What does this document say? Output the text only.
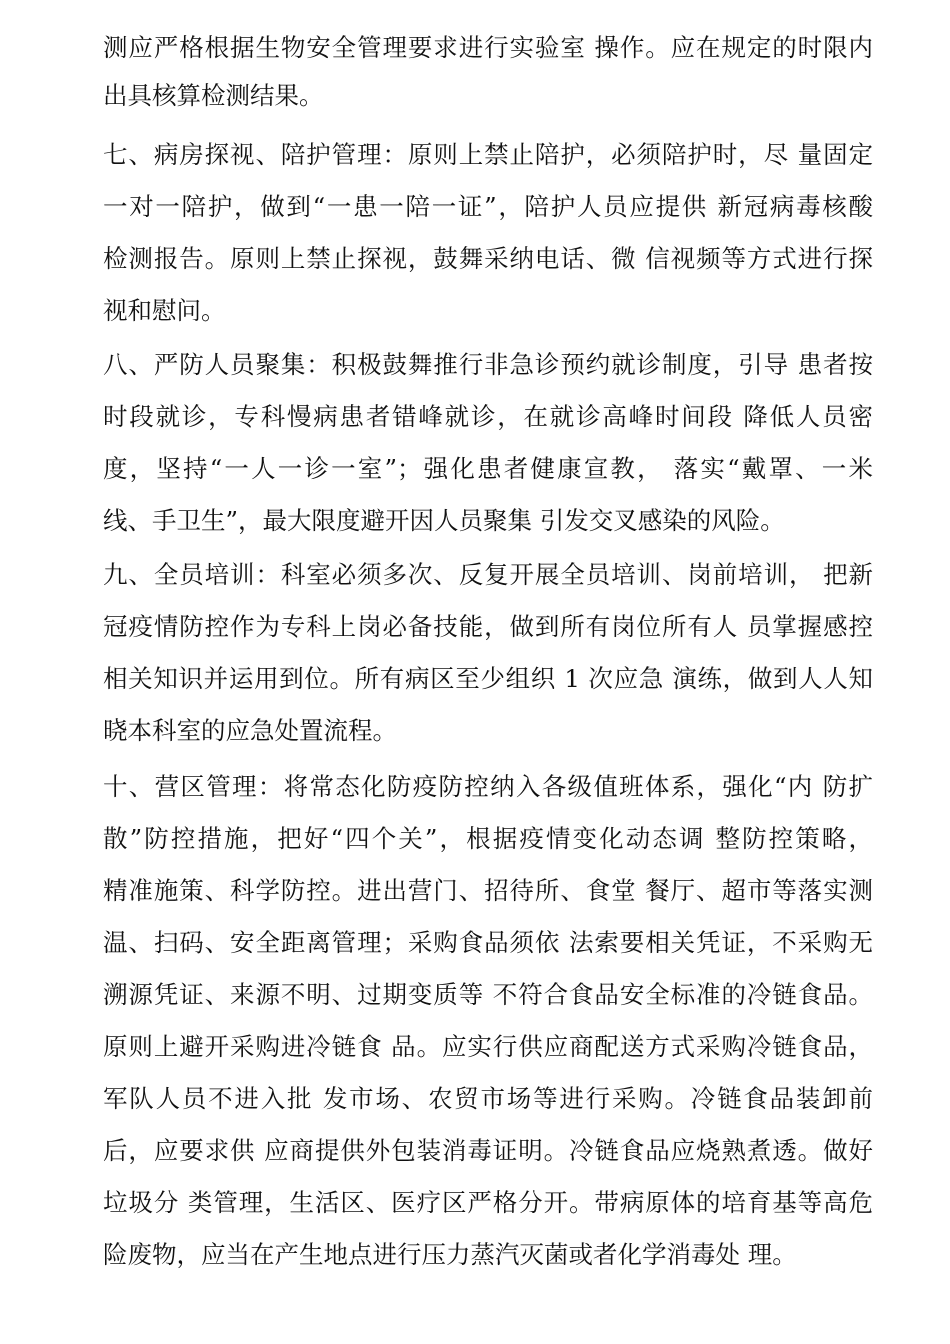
测应严格根据生物安全管理要求进行实验室 操作。应在规定的时限内
出具核算检测结果。
七、病房探视、陪护管理：原则上禁止陪护，必须陪护时，尽 量固定
一对一陪护，做到“一患一陪一证”，陪护人员应提供 新冠病毒核酸
检测报告。原则上禁止探视，鼓舞采纳电话、微 信视频等方式进行探
视和慰问。
八、严防人员聚集：积极鼓舞推行非急诊预约就诊制度，引导 患者按
时段就诊，专科慢病患者错峰就诊，在就诊高峰时间段 降低人员密
度，坚持“一人一诊一室”；强化患者健康宣教， 落实“戴罩、一米
线、手卫生”，最大限度避开因人员聚集 引发交叉感染的风险。
九、全员培训：科室必须多次、反复开展全员培训、岗前培训， 把新
冠疫情防控作为专科上岗必备技能，做到所有岗位所有人 员掌握感控
相关知识并运用到位。所有病区至少组织 1 次应急 演练，做到人人知
晓本科室的应急处置流程。
十、营区管理：将常态化防疫防控纳入各级值班体系，强化“内 防扩
散”防控措施，把好“四个关”，根据疫情变化动态调 整防控策略，
精准施策、科学防控。进出营门、招待所、食堂 餐厅、超市等落实测
温、扫码、安全距离管理；采购食品须依 法索要相关凭证，不采购无
溯源凭证、来源不明、过期变质等 不符合食品安全标准的冷链食品。
原则上避开采购进冷链食 品。应实行供应商配送方式采购冷链食品，
军队人员不进入批 发市场、农贸市场等进行采购。冷链食品装卸前
后，应要求供 应商提供外包装消毒证明。冷链食品应烧熟煮透。做好
垃圾分 类管理，生活区、医疗区严格分开。带病原体的培育基等高危
险废物，应当在产生地点进行压力蒸汽灭菌或者化学消毒处 理。
